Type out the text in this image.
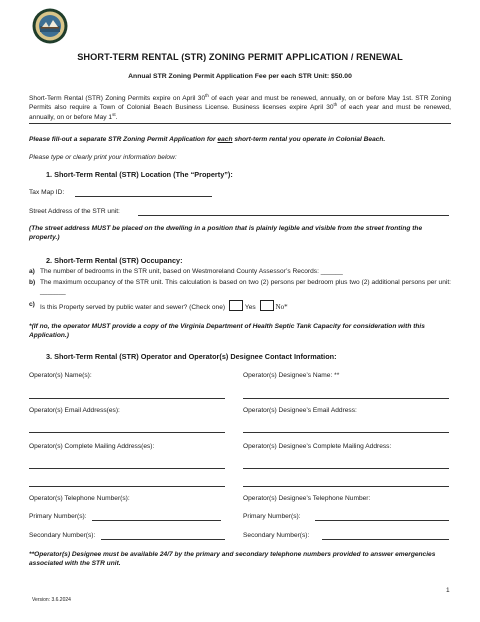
SHORT-TERM RENTAL (STR) ZONING PERMIT APPLICATION / RENEWAL
Annual STR Zoning Permit Application Fee per each STR Unit: $50.00
Short-Term Rental (STR) Zoning Permits expire on April 30th of each year and must be renewed, annually, on or before May 1st. STR Zoning Permits also require a Town of Colonial Beach Business License. Business licenses expire April 30th of each year and must be renewed, annually, on or before May 1st.
Please fill-out a separate STR Zoning Permit Application for each short-term rental you operate in Colonial Beach.
Please type or clearly print your information below:
1. Short-Term Rental (STR) Location (The “Property”):
Tax Map ID:
Street Address of the STR unit:
(The street address MUST be placed on the dwelling in a position that is plainly legible and visible from the street fronting the property.)
2. Short-Term Rental (STR) Occupancy:
a) The number of bedrooms in the STR unit, based on Westmoreland County Assessor’s Records: ______
b) The maximum occupancy of the STR unit. This calculation is based on two (2) persons per bedroom plus two (2) additional persons per unit: _______
c) Is this Property served by public water and sewer? (Check one)	Yes	No*
*(If no, the operator MUST provide a copy of the Virginia Department of Health Septic Tank Capacity for consideration with this Application.)
3. Short-Term Rental (STR) Operator and Operator(s) Designee Contact Information:
Operator(s) Name(s):	Operator(s) Designee’s Name: **
Operator(s) Email Address(es):	Operator(s) Designee’s Email Address:
Operator(s) Complete Mailing Address(es):	Operator(s) Designee’s Complete Mailing Address:
Operator(s) Telephone Number(s):	Operator(s) Designee’s Telephone Number:
Primary Number(s):	Primary Number(s):
Secondary Number(s):	Secondary Number(s):
**Operator(s) Designee must be available 24/7 by the primary and secondary telephone numbers provided to answer emergencies associated with the STR unit.
1
Version: 3.6.2024
